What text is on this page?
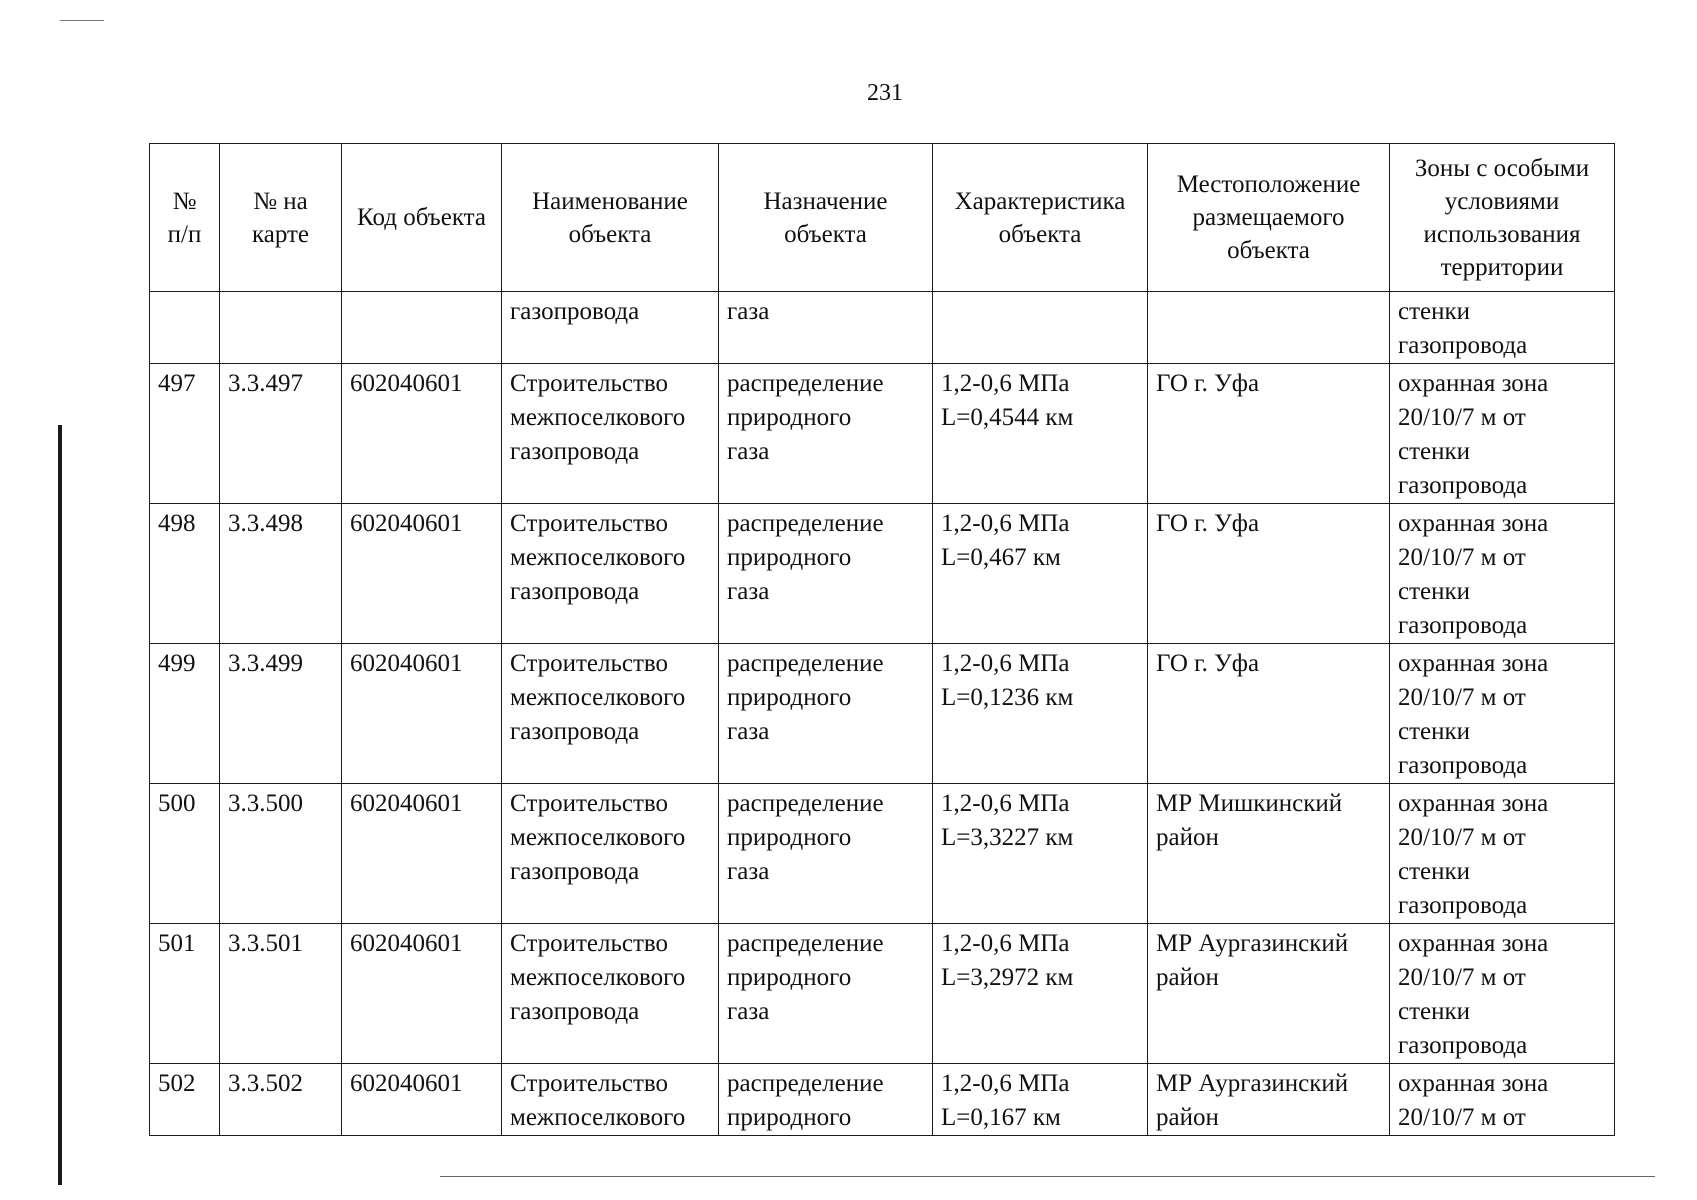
231
№
п/п	№ на
карте	Код объекта	Наименование
объекта	Назначение
объекта	Характеристика
объекта	Местоположение
размещаемого
объекта	Зоны с особыми
условиями
использования
территории
			газопровода	газа			стенки
газопровода
497	3.3.497	602040601	Строительство
межпоселкового
газопровода	распределение
природного
газа	1,2-0,6 МПа
L=0,4544 км	ГО г. Уфа	охранная зона
20/10/7 м от
стенки
газопровода
498	3.3.498	602040601	Строительство
межпоселкового
газопровода	распределение
природного
газа	1,2-0,6 МПа
L=0,467 км	ГО г. Уфа	охранная зона
20/10/7 м от
стенки
газопровода
499	3.3.499	602040601	Строительство
межпоселкового
газопровода	распределение
природного
газа	1,2-0,6 МПа
L=0,1236 км	ГО г. Уфа	охранная зона
20/10/7 м от
стенки
газопровода
500	3.3.500	602040601	Строительство
межпоселкового
газопровода	распределение
природного
газа	1,2-0,6 МПа
L=3,3227 км	МР Мишкинский
район	охранная зона
20/10/7 м от
стенки
газопровода
501	3.3.501	602040601	Строительство
межпоселкового
газопровода	распределение
природного
газа	1,2-0,6 МПа
L=3,2972 км	МР Аургазинский
район	охранная зона
20/10/7 м от
стенки
газопровода
502	3.3.502	602040601	Строительство
межпоселкового	распределение
природного	1,2-0,6 МПа
L=0,167 км	МР Аургазинский
район	охранная зона
20/10/7 м от
